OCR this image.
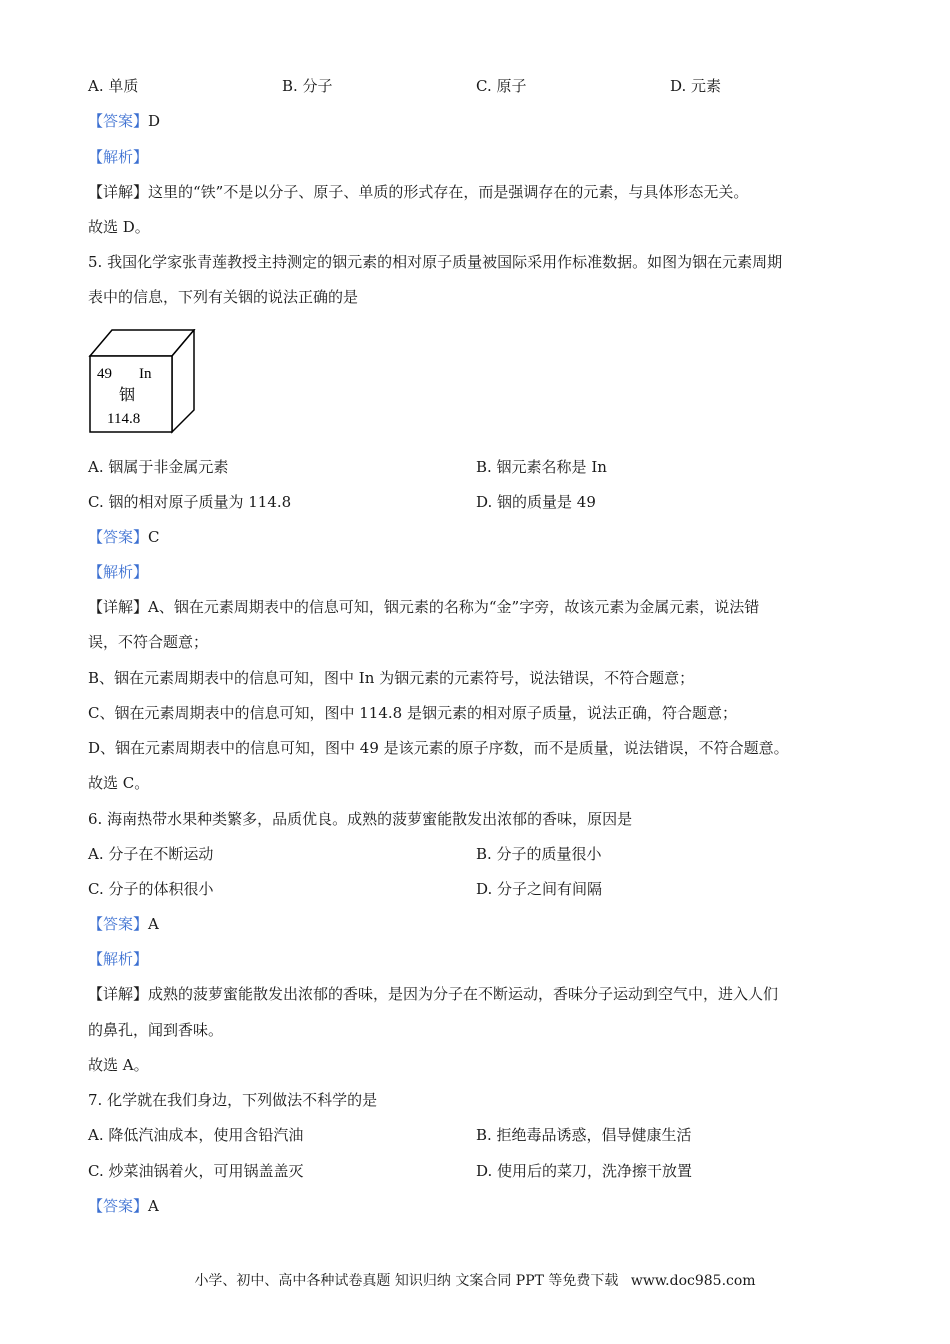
A. 单质	B. 分子	C. 原子	D. 元素
【答案】D
【解析】
【详解】这里的“铁”不是以分子、原子、单质的形式存在，而是强调存在的元素，与具体形态无关。
故选 D。
5. 我国化学家张青莲教授主持测定的铟元素的相对原子质量被国际采用作标准数据。如图为铟在元素周期
表中的信息，下列有关铟的说法正确的是
49 In
铟
114.8
A. 铟属于非金属元素	B. 铟元素名称是 In
C. 铟的相对原子质量为 114.8	D. 铟的质量是 49
【答案】C
【解析】
【详解】A、铟在元素周期表中的信息可知，铟元素的名称为“金”字旁，故该元素为金属元素，说法错
误，不符合题意；
B、铟在元素周期表中的信息可知，图中 In 为铟元素的元素符号，说法错误，不符合题意；
C、铟在元素周期表中的信息可知，图中 114.8 是铟元素的相对原子质量，说法正确，符合题意；
D、铟在元素周期表中的信息可知，图中 49 是该元素的原子序数，而不是质量，说法错误，不符合题意。
故选 C。
6. 海南热带水果种类繁多，品质优良。成熟的菠萝蜜能散发出浓郁的香味，原因是
A. 分子在不断运动	B. 分子的质量很小
C. 分子的体积很小	D. 分子之间有间隔
【答案】A
【解析】
【详解】成熟的菠萝蜜能散发出浓郁的香味，是因为分子在不断运动，香味分子运动到空气中，进入人们
的鼻孔，闻到香味。
故选 A。
7. 化学就在我们身边，下列做法不科学的是
A. 降低汽油成本，使用含铅汽油	B. 拒绝毒品诱惑，倡导健康生活
C. 炒菜油锅着火，可用锅盖盖灭	D. 使用后的菜刀，洗净擦干放置
【答案】A
小学、初中、高中各种试卷真题 知识归纳 文案合同 PPT 等免费下载 www.doc985.com
